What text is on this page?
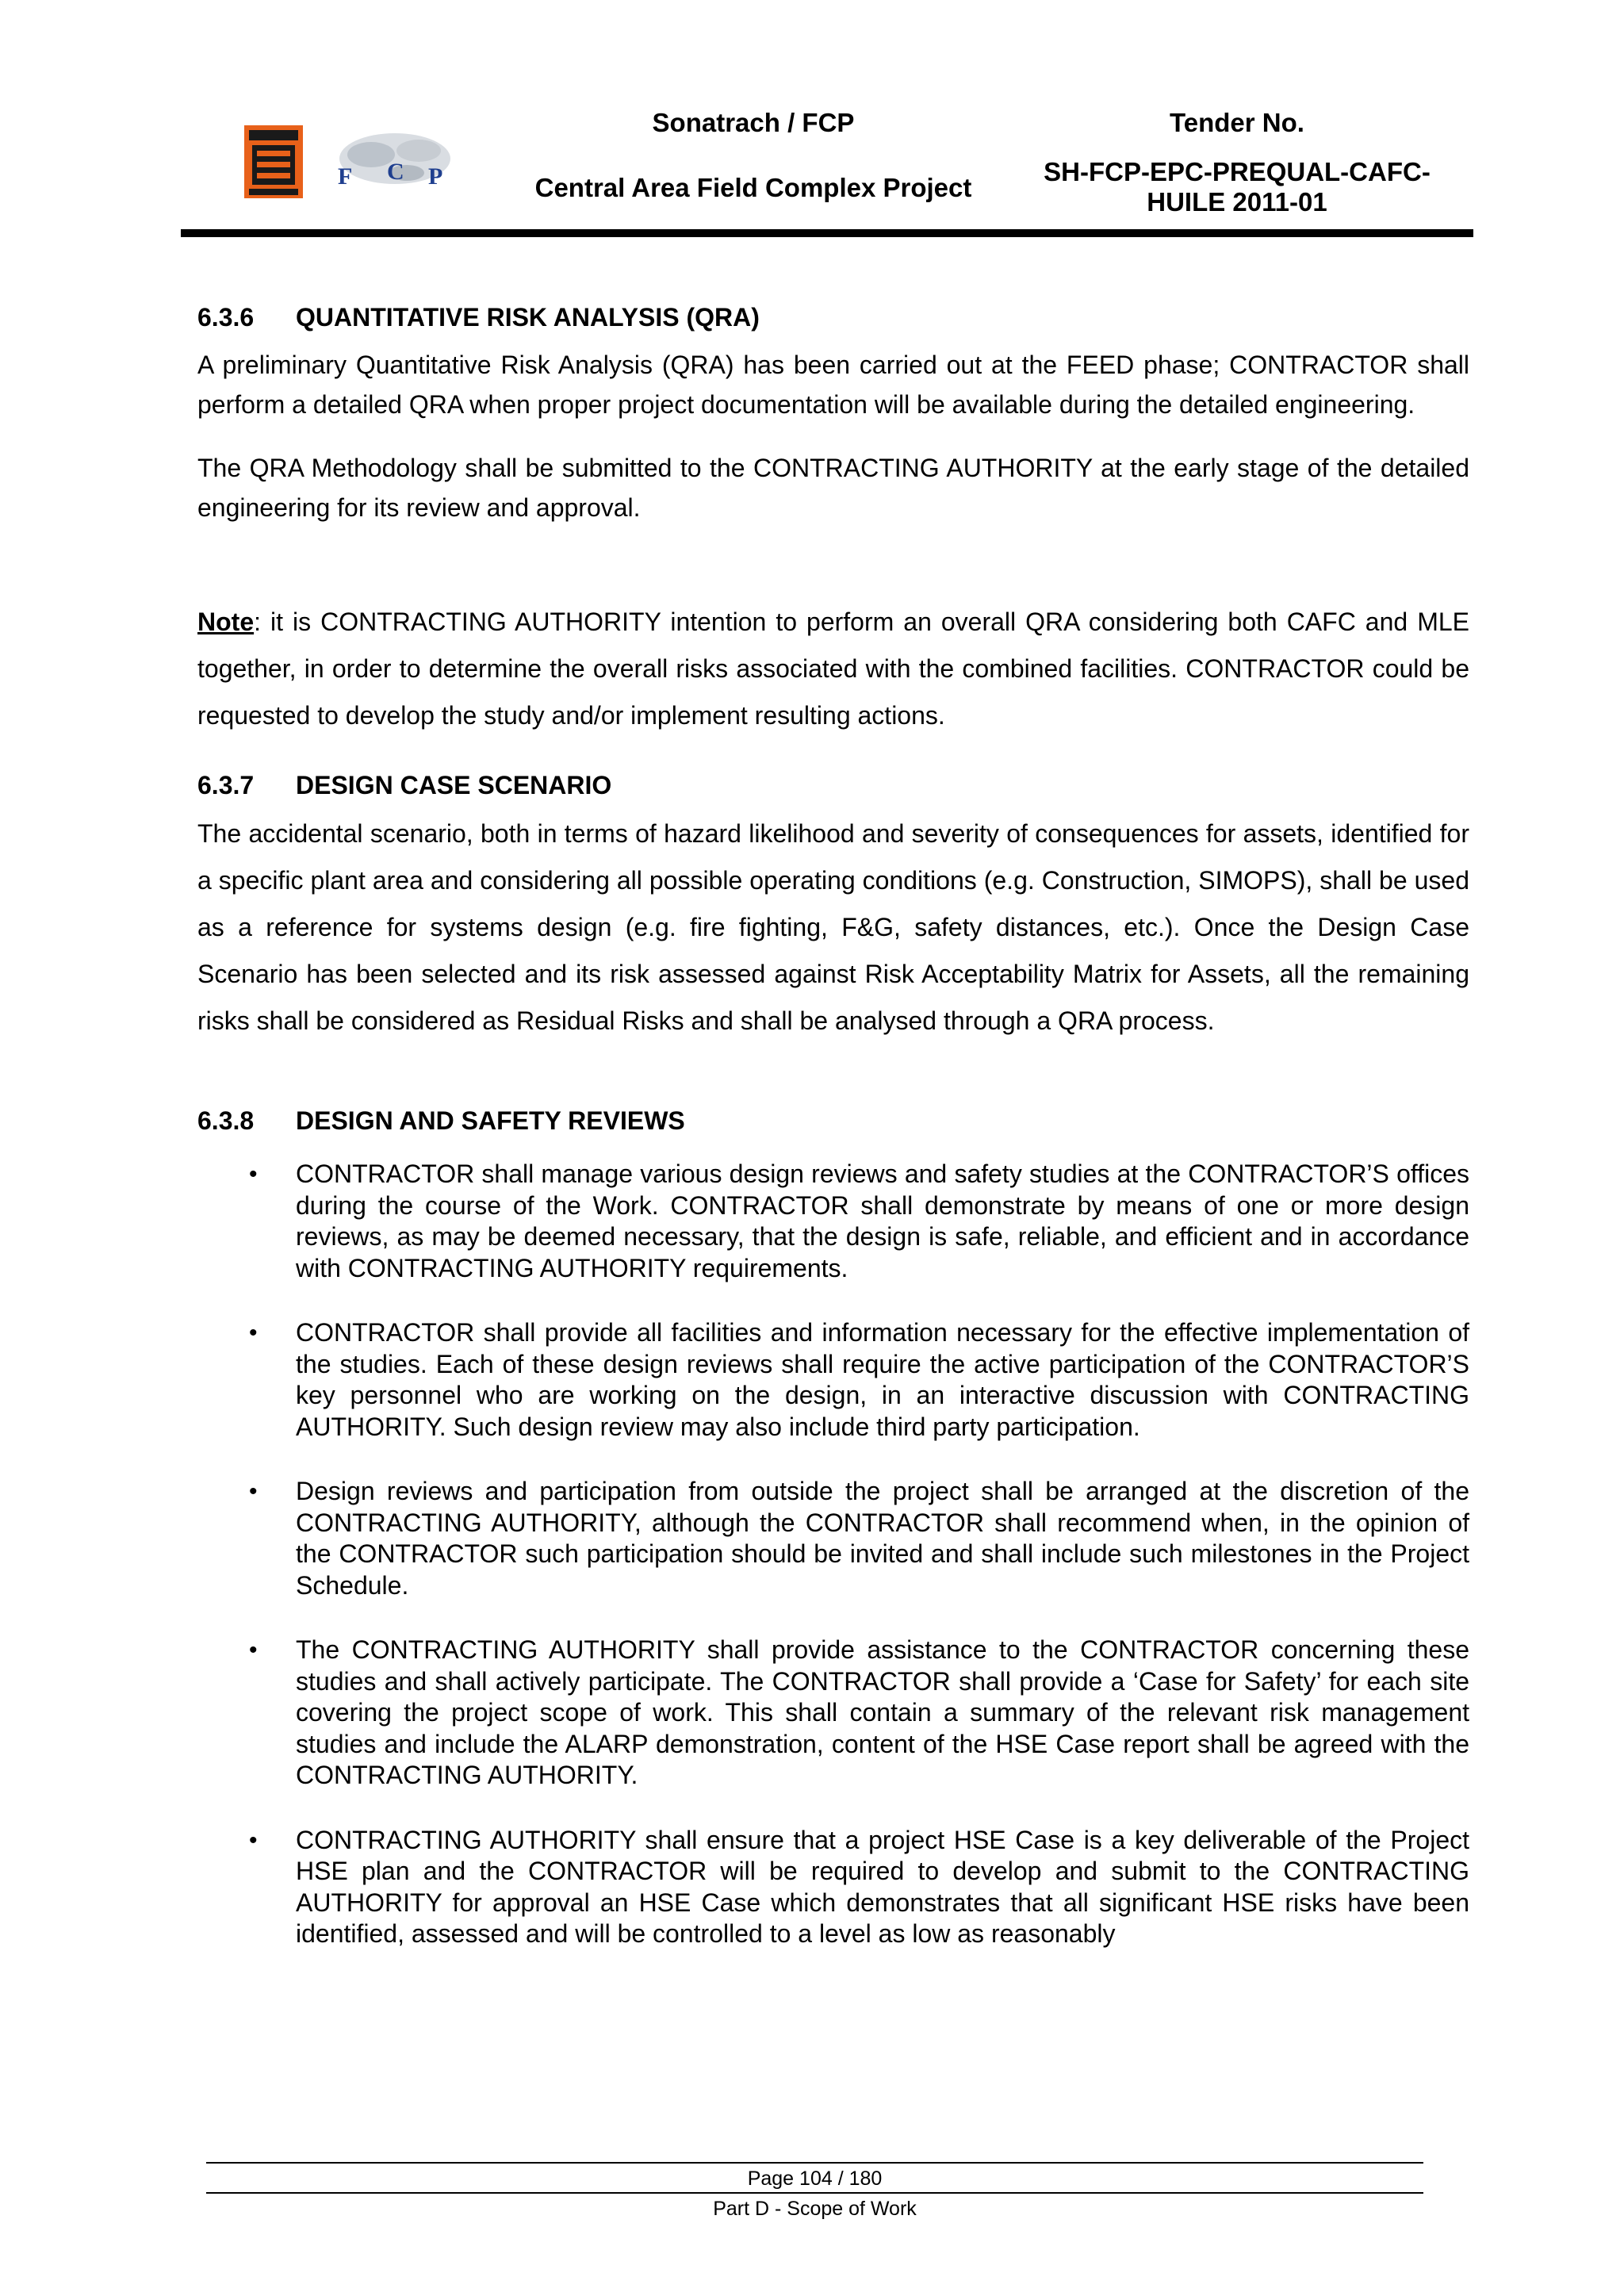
F C P
Sonatrach / FCP
Central Area Field Complex Project
Tender No.
SH-FCP-EPC-PREQUAL-CAFC-HUILE 2011-01
6.3.6	QUANTITATIVE RISK ANALYSIS (QRA)

A preliminary Quantitative Risk Analysis (QRA) has been carried out at the FEED phase; CONTRACTOR shall perform a detailed QRA when proper project documentation will be available during the detailed engineering.

The QRA Methodology shall be submitted to the CONTRACTING AUTHORITY at the early stage of the detailed engineering for its review and approval.

Note: it is CONTRACTING AUTHORITY intention to perform an overall QRA considering both CAFC and MLE together, in order to determine the overall risks associated with the combined facilities. CONTRACTOR could be requested to develop the study and/or implement resulting actions.

6.3.7	DESIGN CASE SCENARIO

The accidental scenario, both in terms of hazard likelihood and severity of consequences for assets, identified for a specific plant area and considering all possible operating conditions (e.g. Construction, SIMOPS), shall be used as a reference for systems design (e.g. fire fighting, F&G, safety distances, etc.). Once the Design Case Scenario has been selected and its risk assessed against Risk Acceptability Matrix for Assets, all the remaining risks shall be considered as Residual Risks and shall be analysed through a QRA process.

6.3.8	DESIGN AND SAFETY REVIEWS
• CONTRACTOR shall manage various design reviews and safety studies at the CONTRACTOR’S offices during the course of the Work. CONTRACTOR shall demonstrate by means of one or more design reviews, as may be deemed necessary, that the design is safe, reliable, and efficient and in accordance with CONTRACTING AUTHORITY requirements.
• CONTRACTOR shall provide all facilities and information necessary for the effective implementation of the studies. Each of these design reviews shall require the active participation of the CONTRACTOR’S key personnel who are working on the design, in an interactive discussion with CONTRACTING AUTHORITY. Such design review may also include third party participation.
• Design reviews and participation from outside the project shall be arranged at the discretion of the CONTRACTING AUTHORITY, although the CONTRACTOR shall recommend when, in the opinion of the CONTRACTOR such participation should be invited and shall include such milestones in the Project Schedule.
• The CONTRACTING AUTHORITY shall provide assistance to the CONTRACTOR concerning these studies and shall actively participate. The CONTRACTOR shall provide a ‘Case for Safety’ for each site covering the project scope of work. This shall contain a summary of the relevant risk management studies and include the ALARP demonstration, content of the HSE Case report shall be agreed with the CONTRACTING AUTHORITY.
• CONTRACTING AUTHORITY shall ensure that a project HSE Case is a key deliverable of the Project HSE plan and the CONTRACTOR will be required to develop and submit to the CONTRACTING AUTHORITY for approval an HSE Case which demonstrates that all significant HSE risks have been identified, assessed and will be controlled to a level as low as reasonably
Page 104 / 180
Part D - Scope of Work
